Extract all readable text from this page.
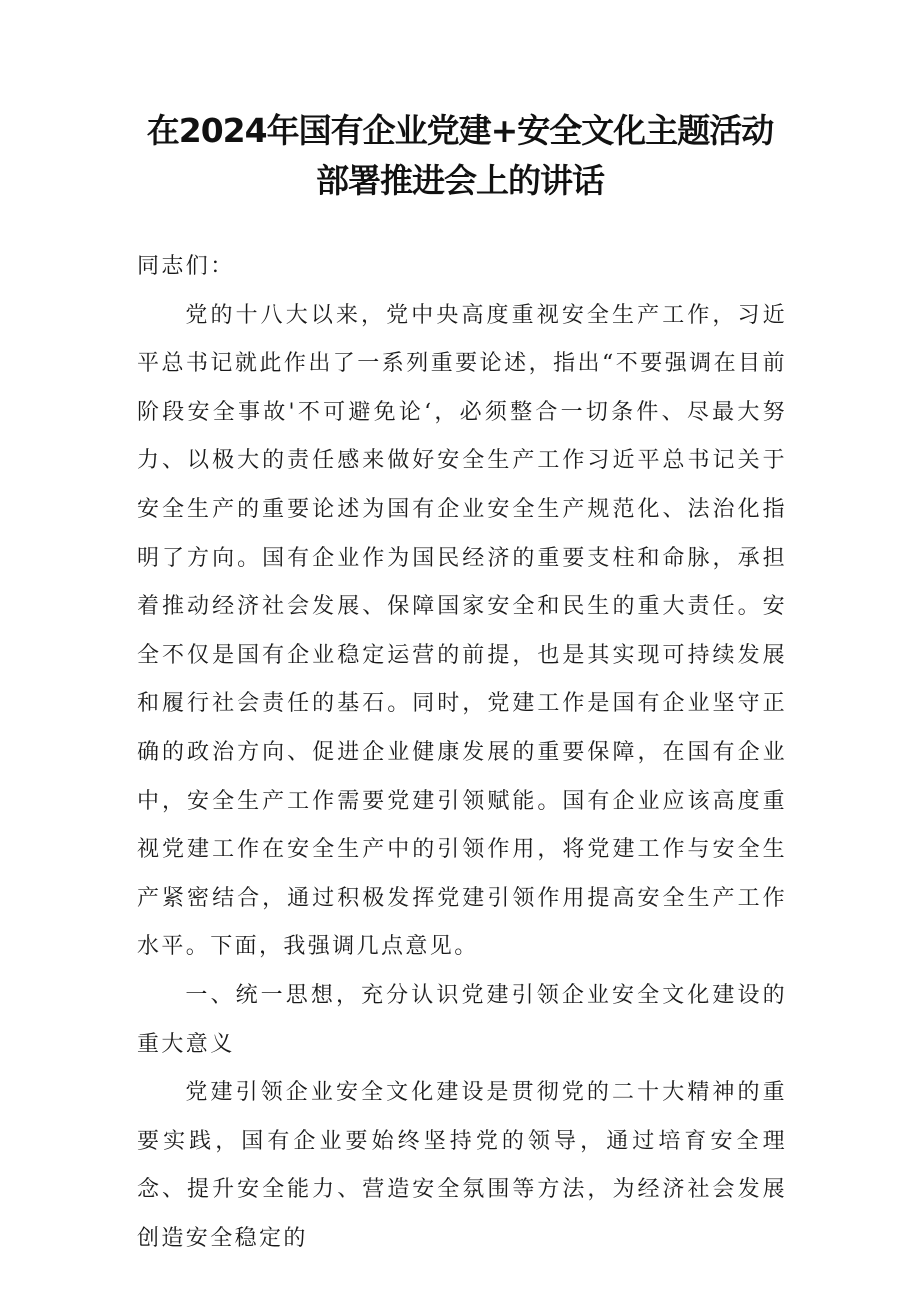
在2024年国有企业党建+安全文化主题活动
部署推进会上的讲话

同志们：

党的十八大以来，党中央高度重视安全生产工作，习近平总书记就此作出了一系列重要论述，指出“不要强调在目前阶段安全事故'不可避免论‘，必须整合一切条件、尽最大努力、以极大的责任感来做好安全生产工作习近平总书记关于安全生产的重要论述为国有企业安全生产规范化、法治化指明了方向。国有企业作为国民经济的重要支柱和命脉，承担着推动经济社会发展、保障国家安全和民生的重大责任。安全不仅是国有企业稳定运营的前提，也是其实现可持续发展和履行社会责任的基石。同时，党建工作是国有企业坚守正确的政治方向、促进企业健康发展的重要保障，在国有企业中，安全生产工作需要党建引领赋能。国有企业应该高度重视党建工作在安全生产中的引领作用，将党建工作与安全生产紧密结合，通过积极发挥党建引领作用提高安全生产工作水平。下面，我强调几点意见。

一、统一思想，充分认识党建引领企业安全文化建设的重大意义

党建引领企业安全文化建设是贯彻党的二十大精神的重要实践，国有企业要始终坚持党的领导，通过培育安全理念、提升安全能力、营造安全氛围等方法，为经济社会发展创造安全稳定的
